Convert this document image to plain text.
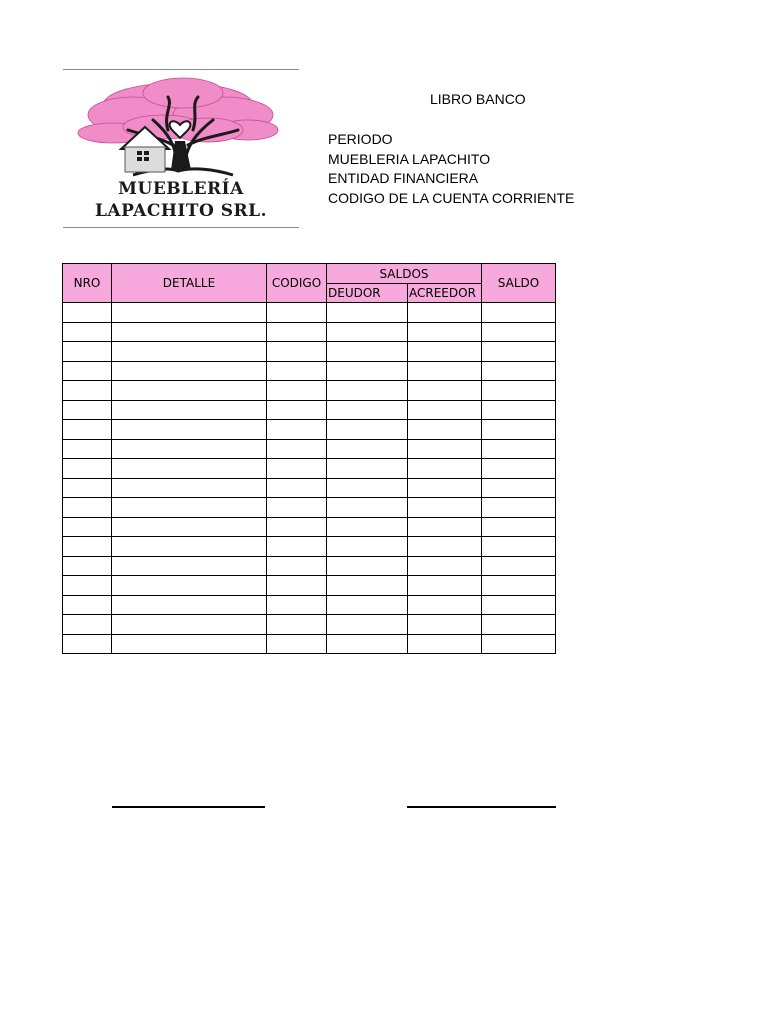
MUEBLERÍA
LAPACHITO SRL.
LIBRO BANCO
PERIODO
MUEBLERIA LAPACHITO
ENTIDAD FINANCIERA
CODIGO DE LA CUENTA CORRIENTE
NRO	DETALLE	CODIGO	SALDOS		SALDO
			DEUDOR	ACREEDOR	
